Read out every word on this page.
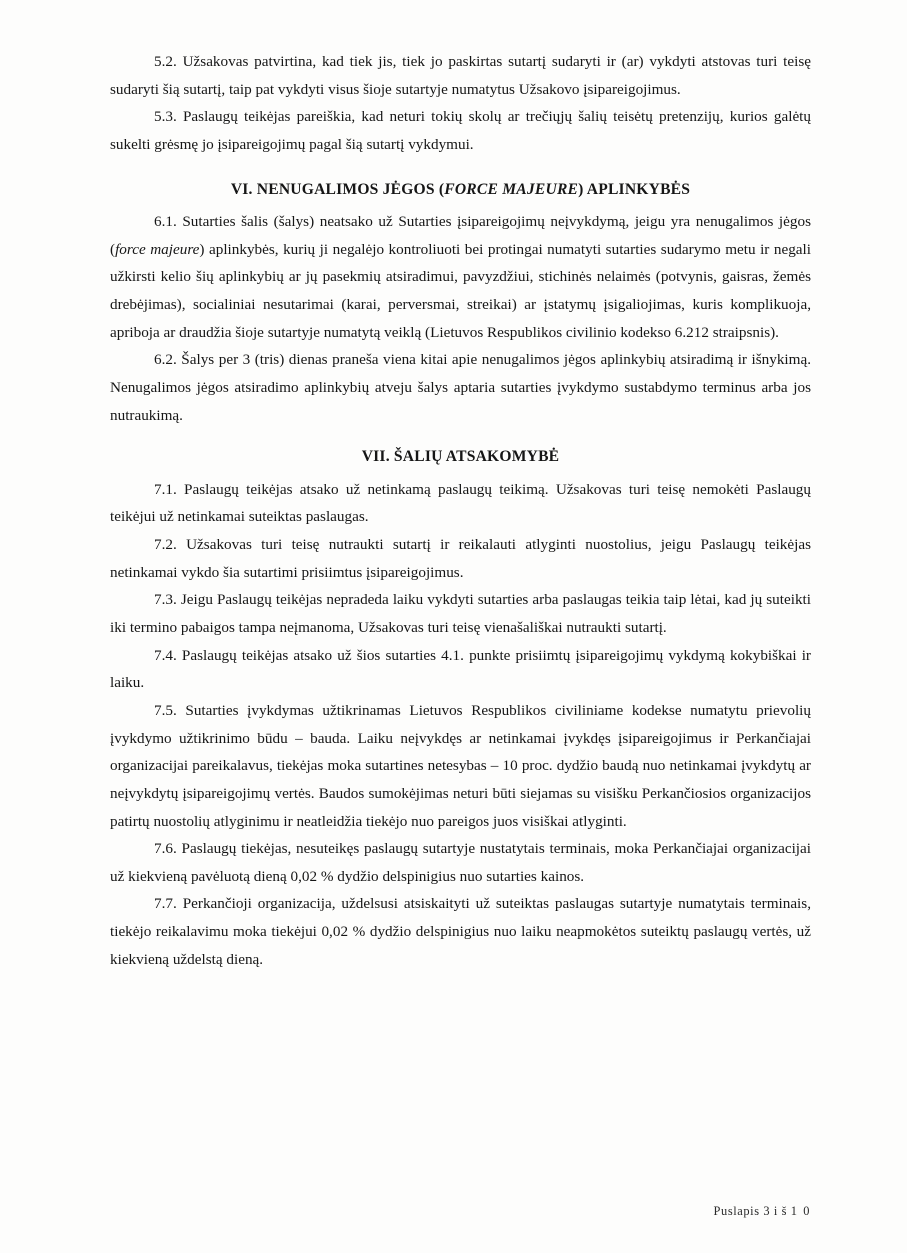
5.2. Užsakovas patvirtina, kad tiek jis, tiek jo paskirtas sutartį sudaryti ir (ar) vykdyti atstovas turi teisę sudaryti šią sutartį, taip pat vykdyti visus šioje sutartyje numatytus Užsakovo įsipareigojimus.

5.3. Paslaugų teikėjas pareiškia, kad neturi tokių skolų ar trečiųjų šalių teisėtų pretenzijų, kurios galėtų sukelti grėsmę jo įsipareigojimų pagal šią sutartį vykdymui.

VI. NENUGALIMOS JĖGOS (FORCE MAJEURE) APLINKYBĖS

6.1. Sutarties šalis (šalys) neatsako už Sutarties įsipareigojimų neįvykdymą, jeigu yra nenugalimos jėgos (force majeure) aplinkybės, kurių ji negalėjo kontroliuoti bei protingai numatyti sutarties sudarymo metu ir negali užkirsti kelio šių aplinkybių ar jų pasekmių atsiradimui, pavyzdžiui, stichinės nelaimės (potvynis, gaisras, žemės drebėjimas), socialiniai nesutarimai (karai, perversmai, streikai) ar įstatymų įsigaliojimas, kuris komplikuoja, apriboja ar draudžia šioje sutartyje numatytą veiklą (Lietuvos Respublikos civilinio kodekso 6.212 straipsnis).

6.2. Šalys per 3 (tris) dienas praneša viena kitai apie nenugalimos jėgos aplinkybių atsiradimą ir išnykimą. Nenugalimos jėgos atsiradimo aplinkybių atveju šalys aptaria sutarties įvykdymo sustabdymo terminus arba jos nutraukimą.

VII. ŠALIŲ ATSAKOMYBĖ

7.1. Paslaugų teikėjas atsako už netinkamą paslaugų teikimą. Užsakovas turi teisę nemokėti Paslaugų teikėjui už netinkamai suteiktas paslaugas.

7.2. Užsakovas turi teisę nutraukti sutartį ir reikalauti atlyginti nuostolius, jeigu Paslaugų teikėjas netinkamai vykdo šia sutartimi prisiimtus įsipareigojimus.

7.3. Jeigu Paslaugų teikėjas nepradeda laiku vykdyti sutarties arba paslaugas teikia taip lėtai, kad jų suteikti iki termino pabaigos tampa neįmanoma, Užsakovas turi teisę vienašališkai nutraukti sutartį.

7.4. Paslaugų teikėjas atsako už šios sutarties 4.1. punkte prisiimtų įsipareigojimų vykdymą kokybiškai ir laiku.

7.5. Sutarties įvykdymas užtikrinamas Lietuvos Respublikos civiliniame kodekse numatytu prievolių įvykdymo užtikrinimo būdu – bauda. Laiku neįvykdęs ar netinkamai įvykdęs įsipareigojimus ir Perkančiajai organizacijai pareikalavus, tiekėjas moka sutartines netesybas – 10 proc. dydžio baudą nuo netinkamai įvykdytų ar neįvykdytų įsipareigojimų vertės. Baudos sumokėjimas neturi būti siejamas su visišku Perkančiosios organizacijos patirtų nuostolių atlyginimu ir neatleidžia tiekėjo nuo pareigos juos visiškai atlyginti.

7.6. Paslaugų tiekėjas, nesuteikęs paslaugų sutartyje nustatytais terminais, moka Perkančiajai organizacijai už kiekvieną pavėluotą dieną 0,02 % dydžio delspinigius nuo sutarties kainos.

7.7. Perkančioji organizacija, uždelsusi atsiskaityti už suteiktas paslaugas sutartyje numatytais terminais, tiekėjo reikalavimu moka tiekėjui 0,02 % dydžio delspinigius nuo laiku neapmokėtos suteiktų paslaugų vertės, už kiekvieną uždelstą dieną.

Puslapis 3 i š 1 0
